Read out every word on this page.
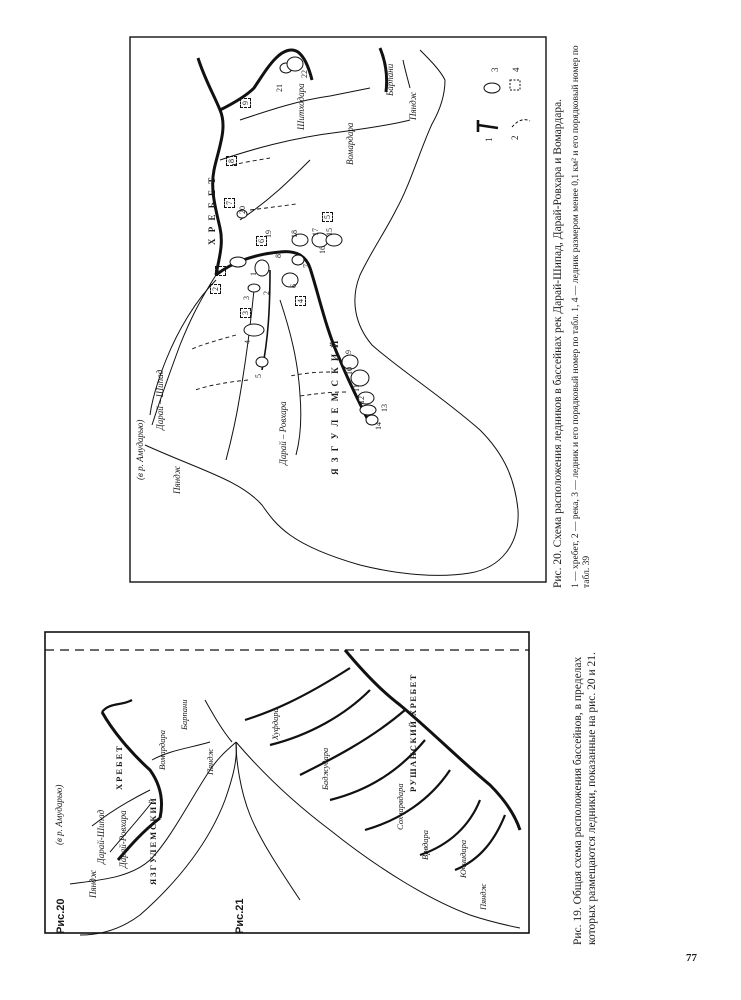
Рис.20	Рис.21
(в р. Амударью)
Пяндж
Дарай-Шипад Дарай-Ровхара
ХРЕБЕТ
ЯЗГУЛЕМСКИЙ
Вомардара
Барпани
Пяндж
Хуфдара
Баджудара
Сохчарвдара
Врвдара	Юччидара
Пяндж
РУШАНСКИЙ ХРЕБЕТ	Рис. 19. Общая схема расположения бассейнов, в пределах которых размещаются ледники, показанные на рис. 20 и 21.
(в р. Амударью)	Пяндж
Дарай – Шипад
Дарай – Ровхара
Х Р Е Б Е Т
Я З Г У Л Е М С К И Й
Вомардара
Шитходара	Пяндж
Барпани
1
2
3
4
5
6
7
8
9
10
11
12
13
14
15
16
17
18
19
20
21
22
1
2
3
4
5
6
7
8
9
1 2
3 4
Рис. 20. Схема расположения ледников в бассейнах рек Дарай-Шипад, Дарай-Ровхара и Вомардара. 1 — хребет, 2 — река, 3 — ледник и его порядковый номер по табл. 1, 4 — ледник размером менее 0,1 км² и его порядковый номер по табл. 39
77
